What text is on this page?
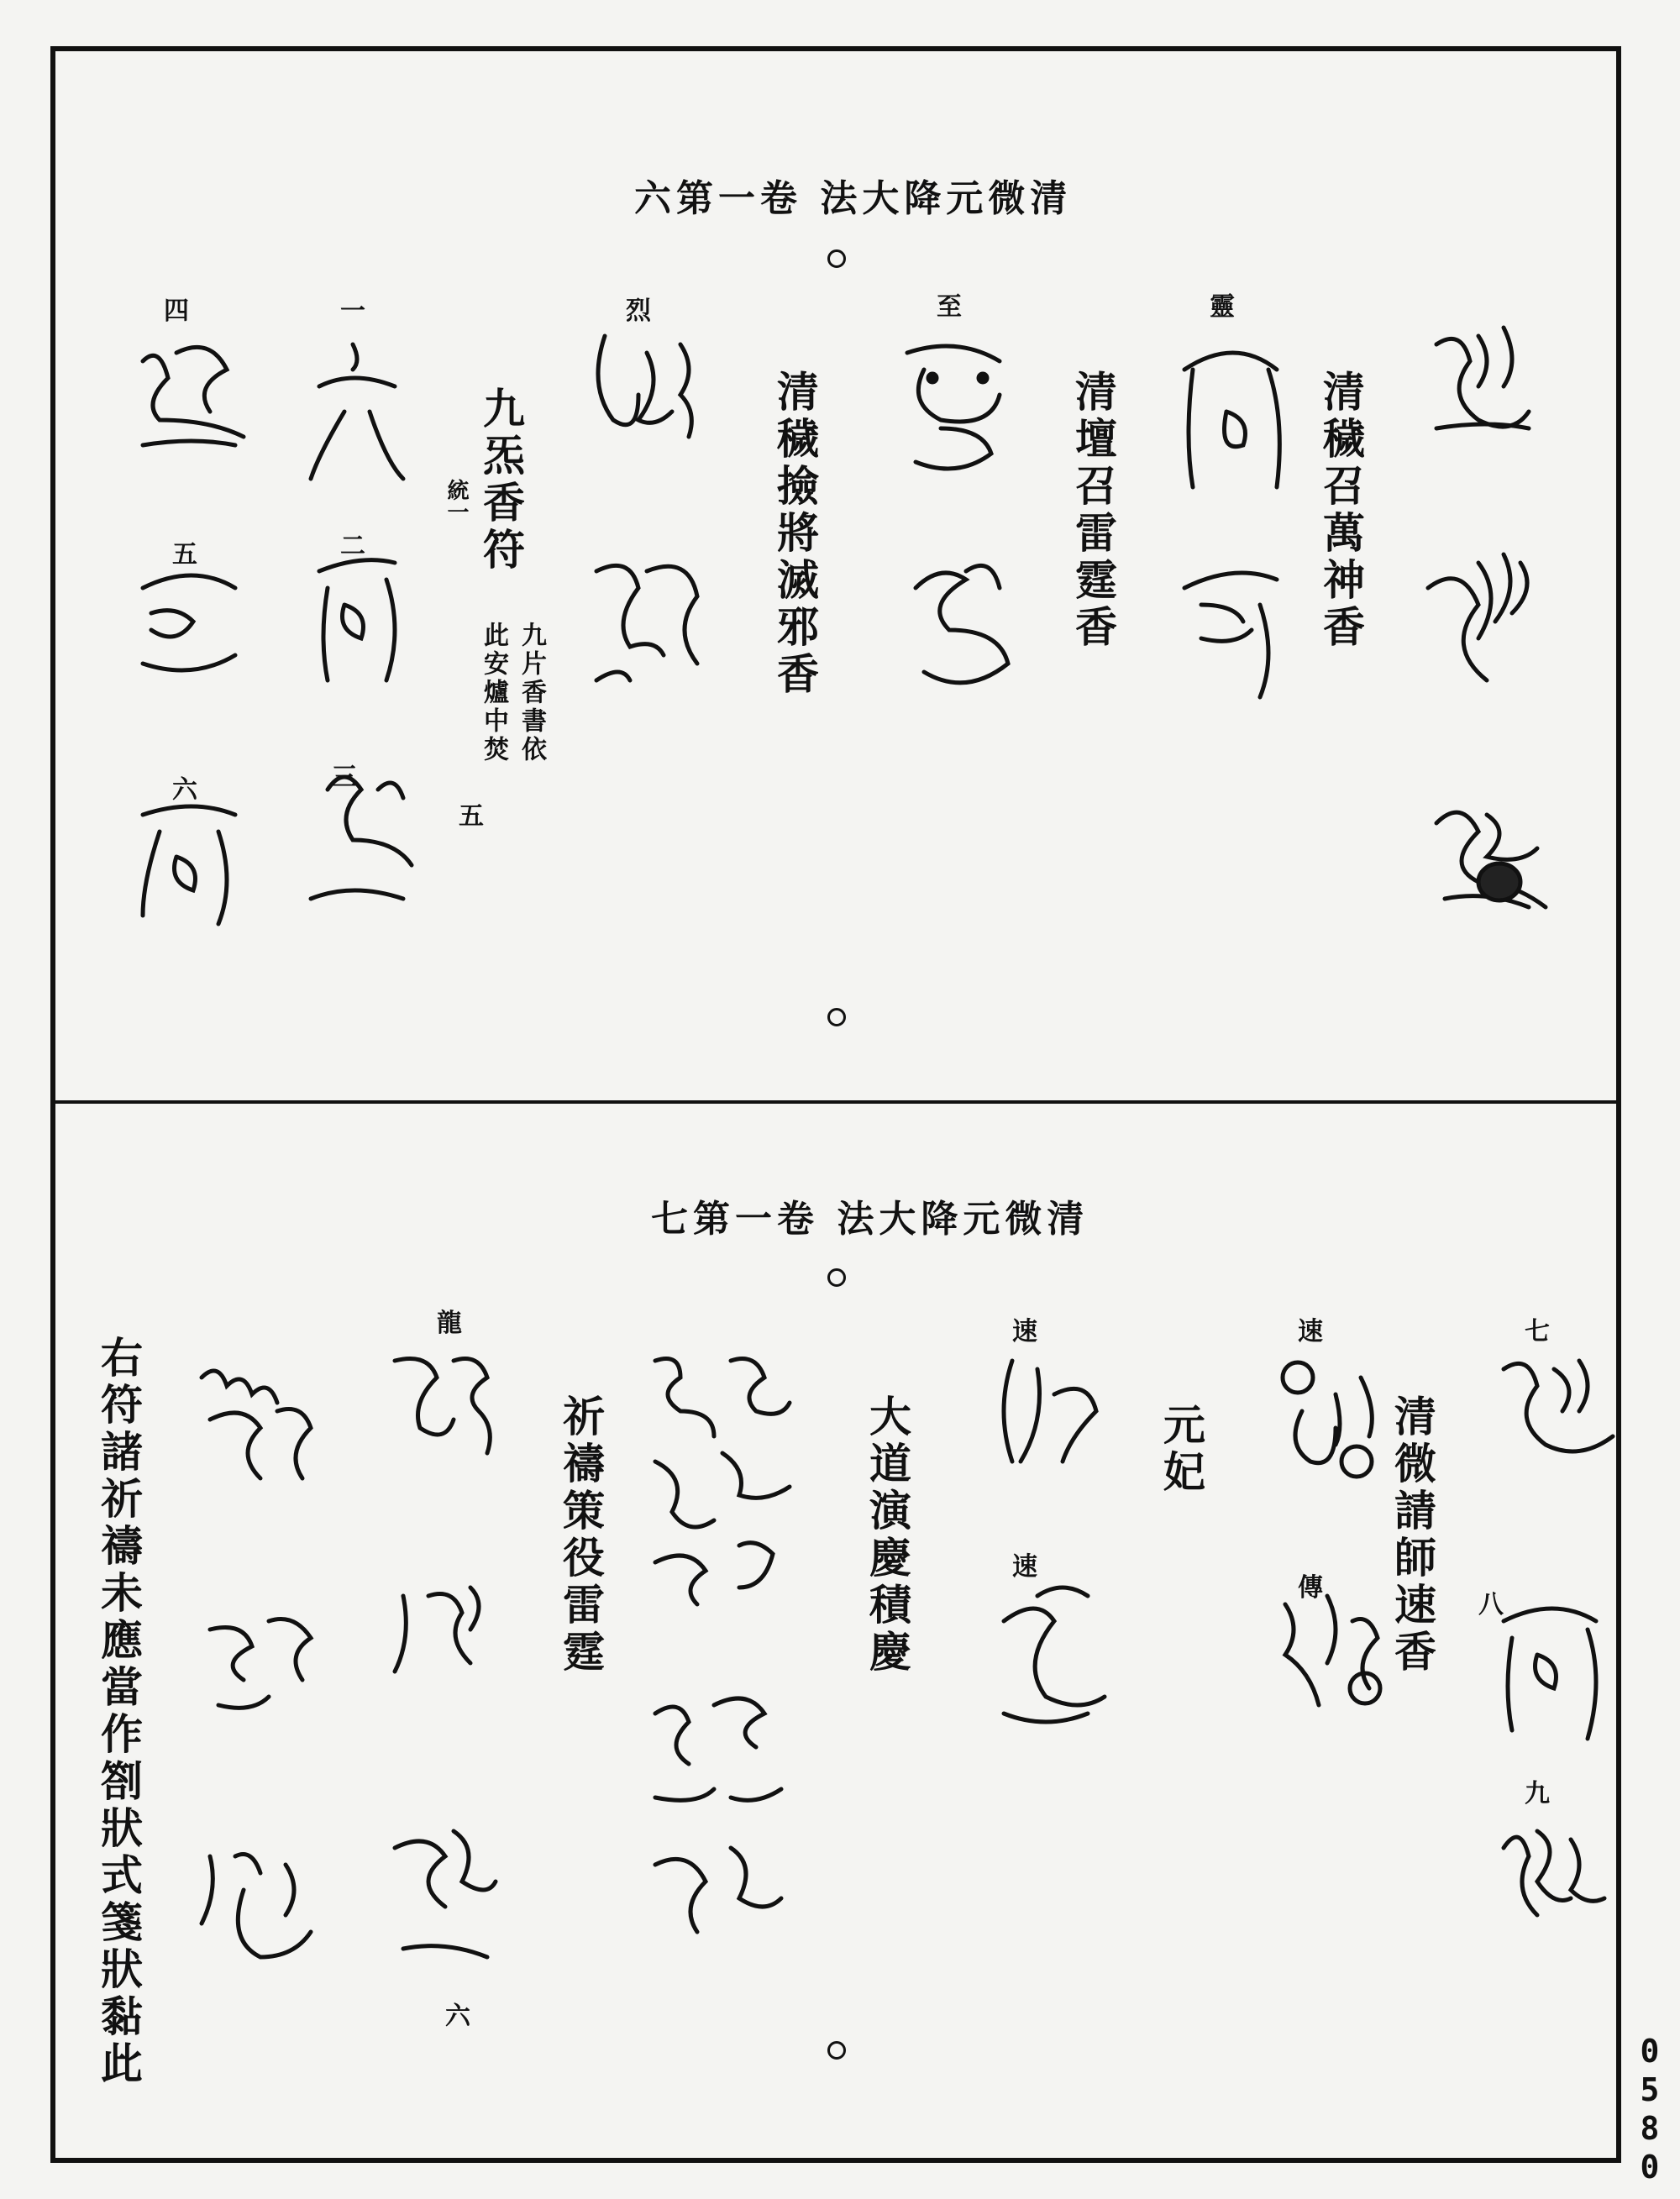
六第一卷 法大降元微清
清穢召萬神香
清壇召雷霆香
清穢撿將滅邪香
九炁香符
九片香書依
此安爐中焚
五
統一
靈
至
烈
一
四
二
五
三
六
七第一卷 法大降元微清
清微請師速香
元妃
大道演慶積慶
祈禱策役雷霆
右符諸祈禱未應當作劄狀式箋狀黏此
七
八
九
速
傳
速
速
龍
六
0580
